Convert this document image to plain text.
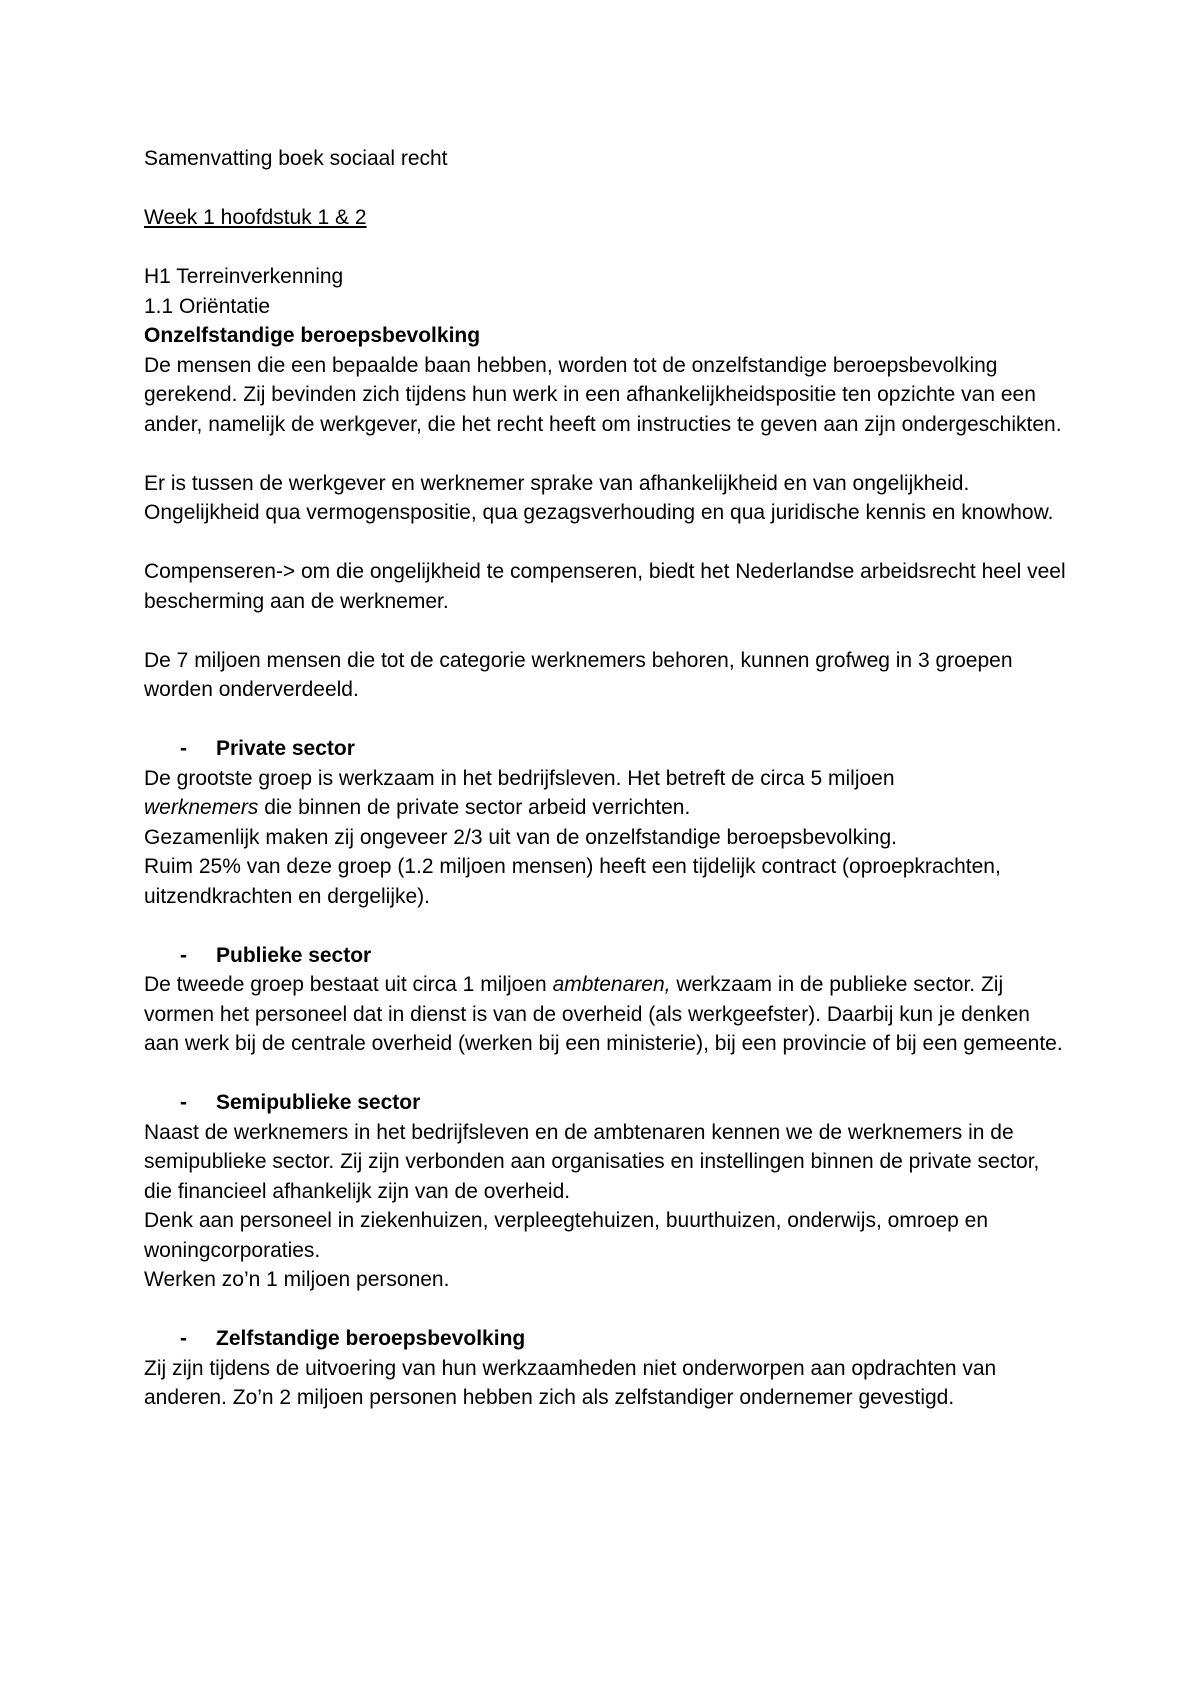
Samenvatting boek sociaal recht

Week 1 hoofdstuk 1 & 2

H1 Terreinverkenning

1.1 Oriëntatie

Onzelfstandige beroepsbevolking

De mensen die een bepaalde baan hebben, worden tot de onzelfstandige beroepsbevolking gerekend. Zij bevinden zich tijdens hun werk in een afhankelijkheidspositie ten opzichte van een ander, namelijk de werkgever, die het recht heeft om instructies te geven aan zijn ondergeschikten.

Er is tussen de werkgever en werknemer sprake van afhankelijkheid en van ongelijkheid. Ongelijkheid qua vermogenspositie, qua gezagsverhouding en qua juridische kennis en knowhow.

Compenseren-> om die ongelijkheid te compenseren, biedt het Nederlandse arbeidsrecht heel veel bescherming aan de werknemer.

De 7 miljoen mensen die tot de categorie werknemers behoren, kunnen grofweg in 3 groepen worden onderverdeeld.

-	Private sector

De grootste groep is werkzaam in het bedrijfsleven. Het betreft de circa 5 miljoen

werknemers die binnen de private sector arbeid verrichten.

Gezamenlijk maken zij ongeveer 2/3 uit van de onzelfstandige beroepsbevolking.

Ruim 25% van deze groep (1.2 miljoen mensen) heeft een tijdelijk contract (oproepkrachten, uitzendkrachten en dergelijke).

-	Publieke sector

De tweede groep bestaat uit circa 1 miljoen ambtenaren, werkzaam in de publieke sector. Zij vormen het personeel dat in dienst is van de overheid (als werkgeefster). Daarbij kun je denken aan werk bij de centrale overheid (werken bij een ministerie), bij een provincie of bij een gemeente.

-	Semipublieke sector

Naast de werknemers in het bedrijfsleven en de ambtenaren kennen we de werknemers in de semipublieke sector. Zij zijn verbonden aan organisaties en instellingen binnen de private sector, die financieel afhankelijk zijn van de overheid.

Denk aan personeel in ziekenhuizen, verpleegtehuizen, buurthuizen, onderwijs, omroep en woningcorporaties.

Werken zo’n 1 miljoen personen.

-	Zelfstandige beroepsbevolking

Zij zijn tijdens de uitvoering van hun werkzaamheden niet onderworpen aan opdrachten van anderen. Zo’n 2 miljoen personen hebben zich als zelfstandiger ondernemer gevestigd.
